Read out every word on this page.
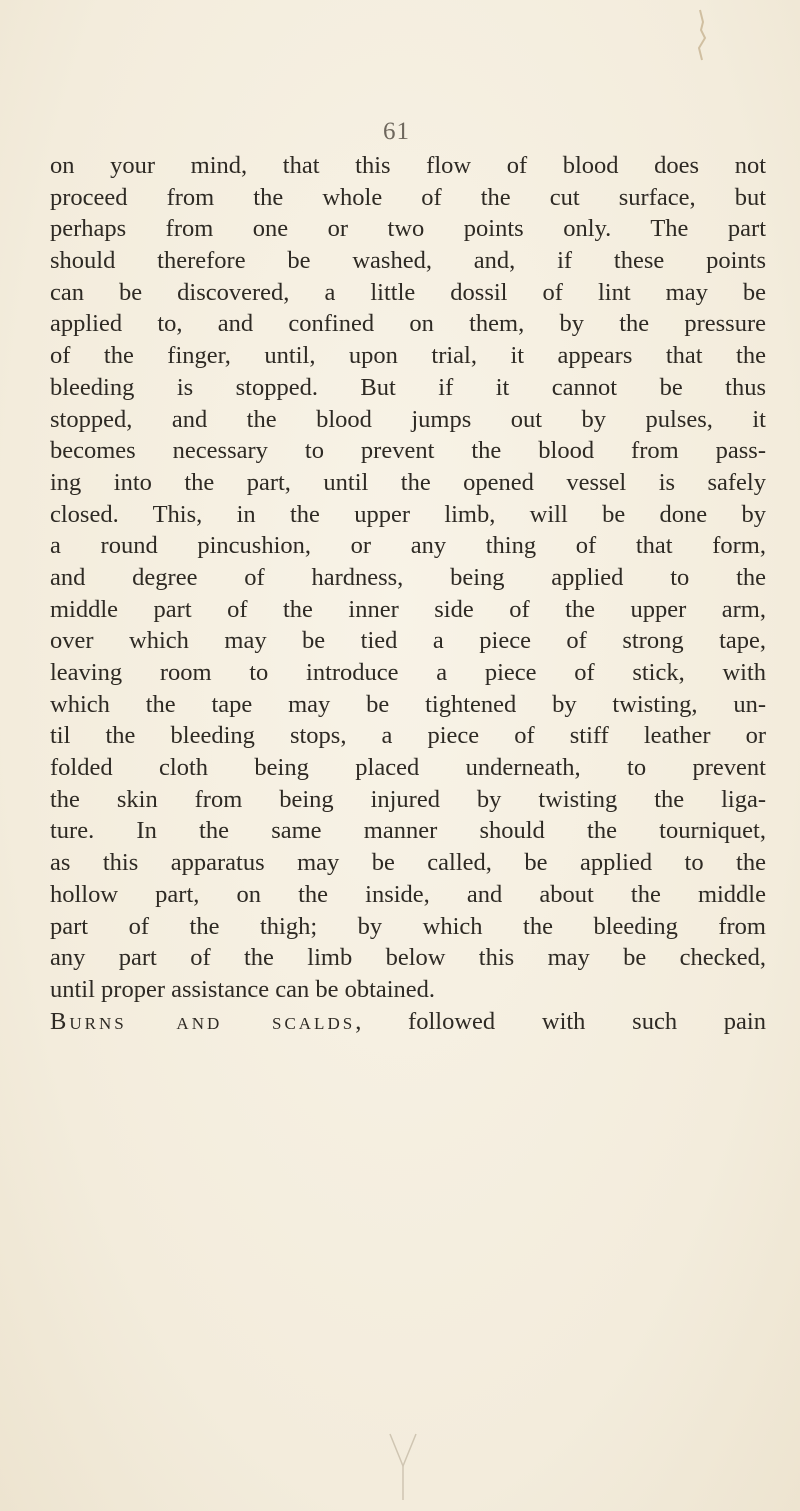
61
on your mind, that this flow of blood does not
proceed from the whole of the cut surface, but
perhaps from one or two points only. The part
should therefore be washed, and, if these points
can be discovered, a little dossil of lint may be
applied to, and confined on them, by the pressure
of the finger, until, upon trial, it appears that the
bleeding is stopped. But if it cannot be thus
stopped, and the blood jumps out by pulses, it
becomes necessary to prevent the blood from pass-
ing into the part, until the opened vessel is safely
closed. This, in the upper limb, will be done by
a round pincushion, or any thing of that form,
and degree of hardness, being applied to the
middle part of the inner side of the upper arm,
over which may be tied a piece of strong tape,
leaving room to introduce a piece of stick, with
which the tape may be tightened by twisting, un-
til the bleeding stops, a piece of stiff leather or
folded cloth being placed underneath, to prevent
the skin from being injured by twisting the liga-
ture. In the same manner should the tourniquet,
as this apparatus may be called, be applied to the
hollow part, on the inside, and about the middle
part of the thigh; by which the bleeding from
any part of the limb below this may be checked,
until proper assistance can be obtained.
Burns and scalds, followed with such pain
